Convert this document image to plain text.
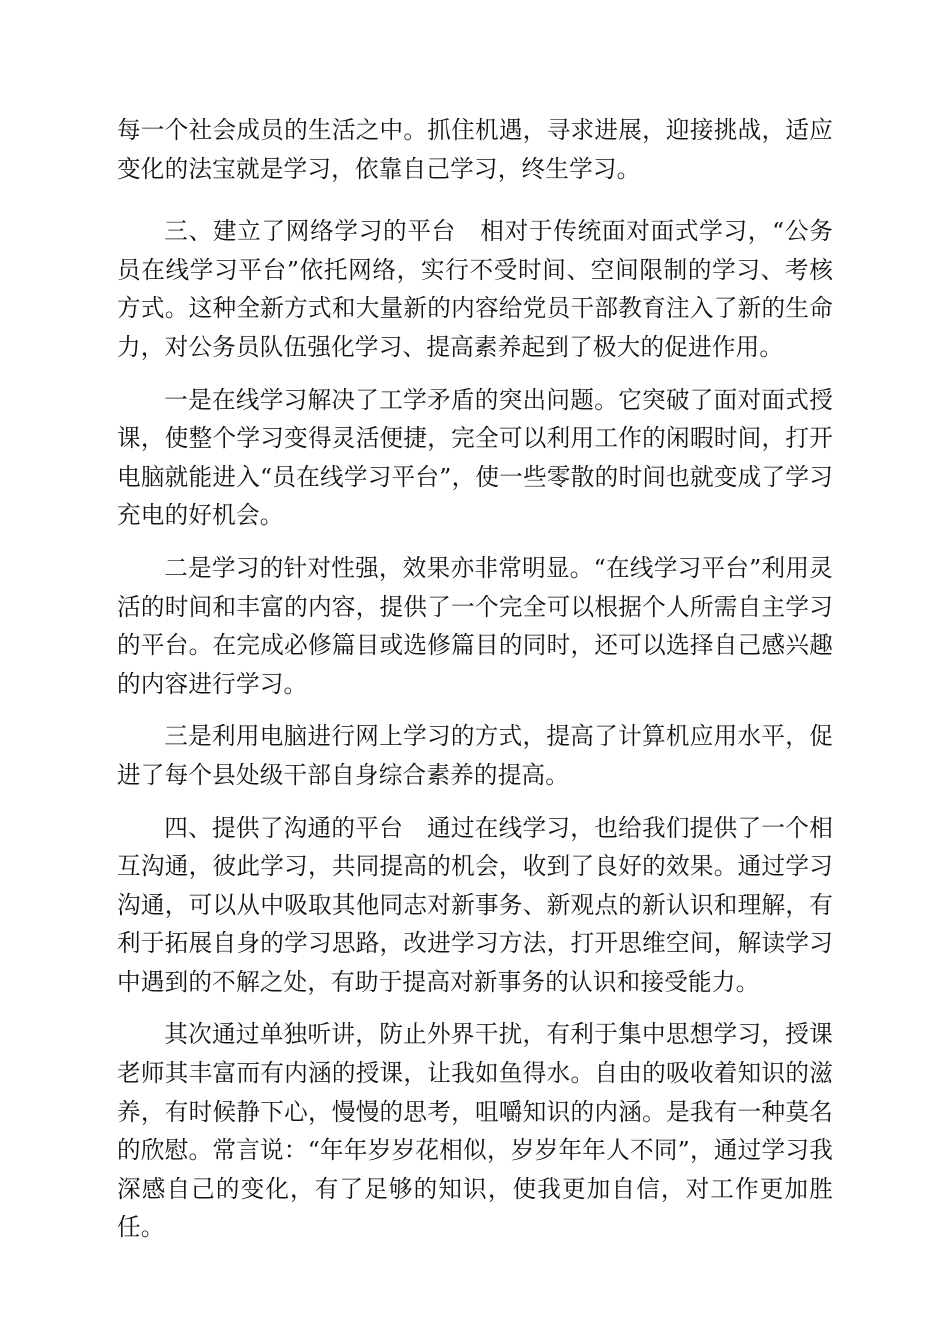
每一个社会成员的生活之中。抓住机遇，寻求进展，迎接挑战，适应变化的法宝就是学习，依靠自己学习，终生学习。

三、建立了网络学习的平台　相对于传统面对面式学习，“公务员在线学习平台”依托网络，实行不受时间、空间限制的学习、考核方式。这种全新方式和大量新的内容给党员干部教育注入了新的生命力，对公务员队伍强化学习、提高素养起到了极大的促进作用。

一是在线学习解决了工学矛盾的突出问题。它突破了面对面式授课，使整个学习变得灵活便捷，完全可以利用工作的闲暇时间，打开电脑就能进入“员在线学习平台”，使一些零散的时间也就变成了学习充电的好机会。

二是学习的针对性强，效果亦非常明显。“在线学习平台”利用灵活的时间和丰富的内容，提供了一个完全可以根据个人所需自主学习的平台。在完成必修篇目或选修篇目的同时，还可以选择自己感兴趣的内容进行学习。

三是利用电脑进行网上学习的方式，提高了计算机应用水平，促进了每个县处级干部自身综合素养的提高。

四、提供了沟通的平台　通过在线学习，也给我们提供了一个相互沟通，彼此学习，共同提高的机会，收到了良好的效果。通过学习沟通，可以从中吸取其他同志对新事务、新观点的新认识和理解，有利于拓展自身的学习思路，改进学习方法，打开思维空间，解读学习中遇到的不解之处，有助于提高对新事务的认识和接受能力。

其次通过单独听讲，防止外界干扰，有利于集中思想学习，授课老师其丰富而有内涵的授课，让我如鱼得水。自由的吸收着知识的滋养，有时候静下心，慢慢的思考，咀嚼知识的内涵。是我有一种莫名的欣慰。常言说：“年年岁岁花相似，岁岁年年人不同”，通过学习我深感自己的变化，有了足够的知识，使我更加自信，对工作更加胜任。
